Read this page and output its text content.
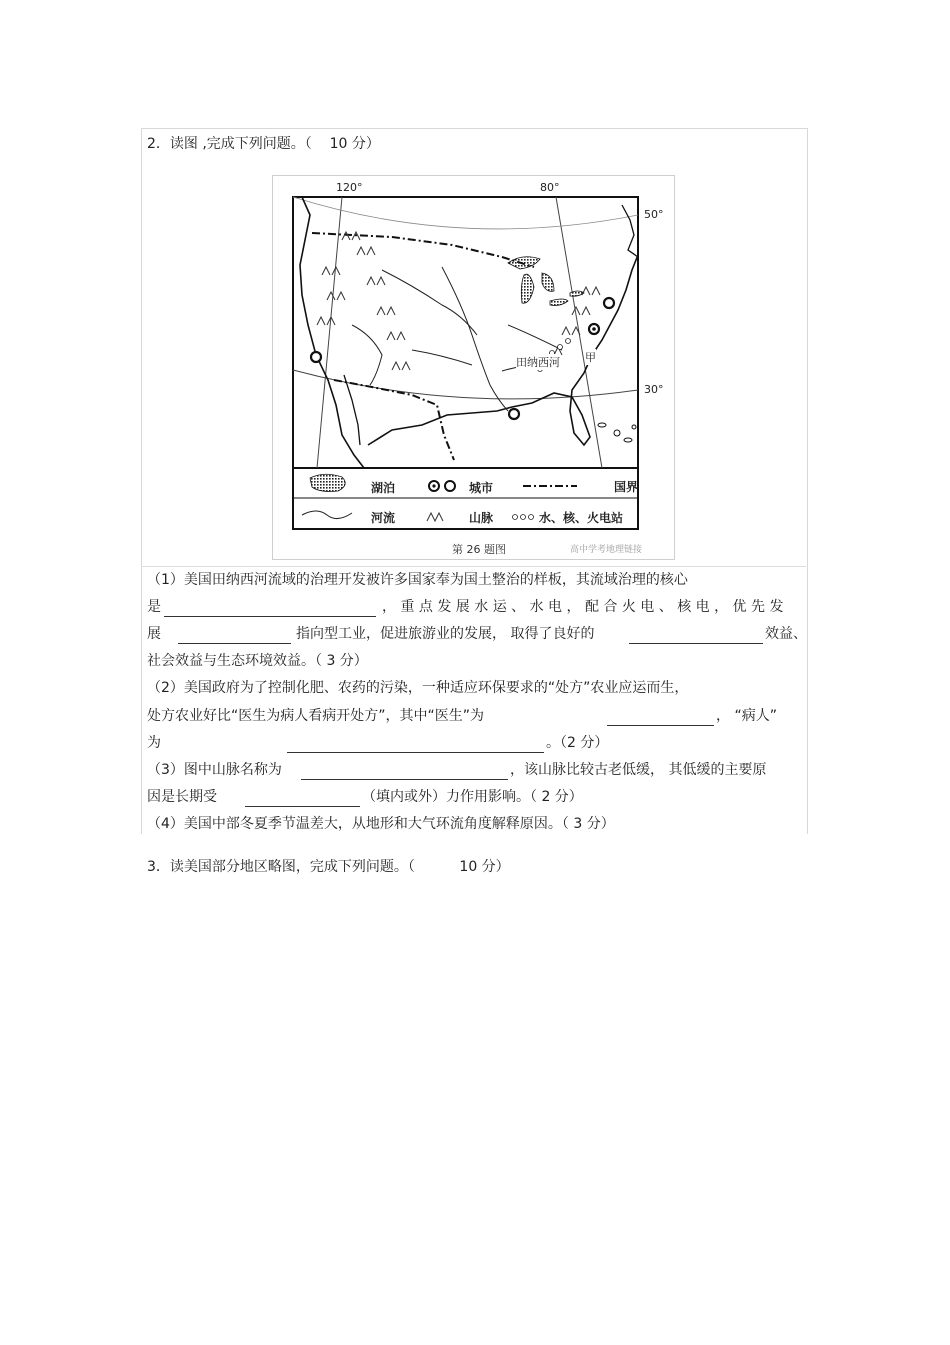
2．读图 ,完成下列问题。（    10 分）
120°	80°
50°
30°
田纳西河 甲
湖泊	城市	国界
河流	山脉	水、核、火电站
第 26 题图	高中学考地理链接
（1）美国田纳西河流域的治理开发被许多国家奉为国土整治的样板，其流域治理的核心
是	， 重 点 发 展 水 运 、 水 电 ， 配 合 火 电 、 核 电 ， 优 先 发
展	指向型工业，促进旅游业的发展， 取得了良好的	效益、
社会效益与生态环境效益。（ 3 分）
（2）美国政府为了控制化肥、农药的污染，一种适应环保要求的“处方”农业应运而生，
处方农业好比“医生为病人看病开处方”，其中“医生”为	， “病人”
为	。（2 分）
（3）图中山脉名称为	，该山脉比较古老低缓， 其低缓的主要原
因是长期受	（填内或外）力作用影响。（ 2 分）
（4）美国中部冬夏季节温差大，从地形和大气环流角度解释原因。（ 3 分）
3．读美国部分地区略图，完成下列问题。（          10 分）
